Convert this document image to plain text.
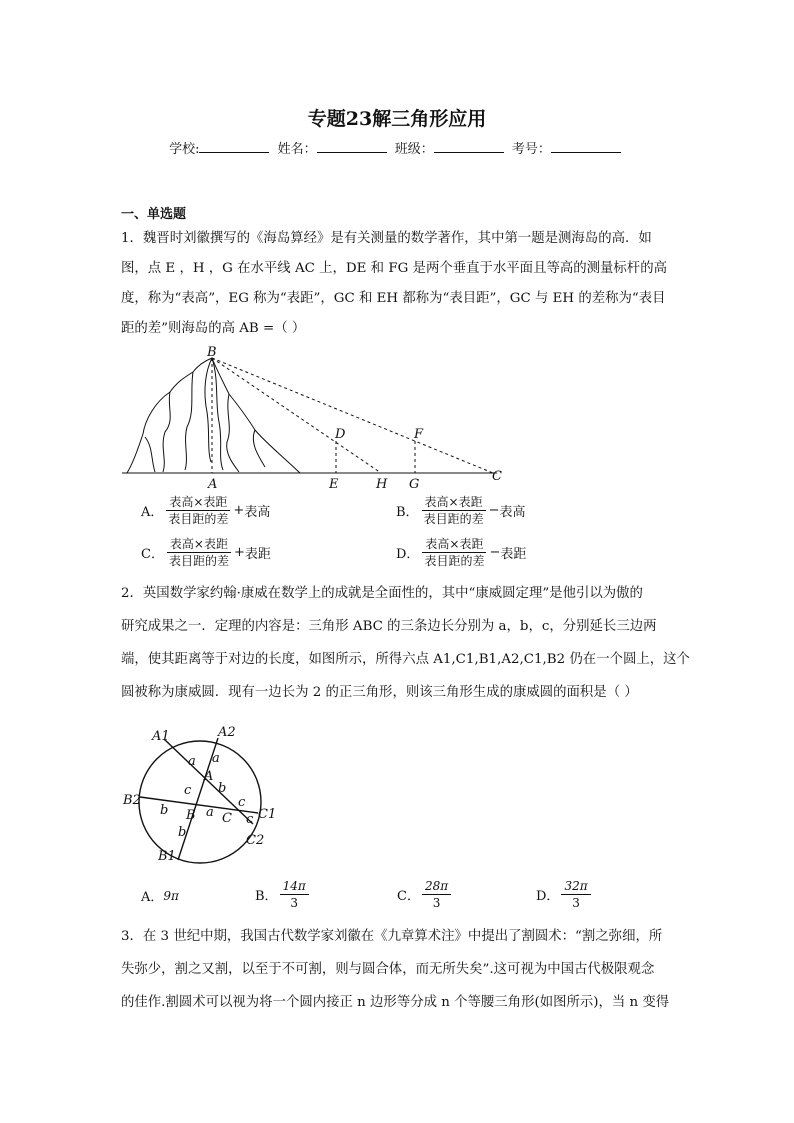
专题23解三角形应用
学校:	姓名：	班级：	考号：
一、单选题
1．魏晋时刘徽撰写的《海岛算经》是有关测量的数学著作，其中第一题是测海岛的高．如
图，点 E ，H ，G 在水平线 AC 上，DE 和 FG 是两个垂直于水平面且等高的测量标杆的高
度，称为“表高”，EG 称为“表距”，GC 和 EH 都称为“表目距”，GC 与 EH 的差称为“表目
距的差”则海岛的高 AB =（ ）
B
D	F
A	E	H G
C
A． $\frac{\text{表高×表距}}{\text{表目距的差}}$ + 表高	B． $\frac{\text{表高×表距}}{\text{表目距的差}}$ − 表高
C． $\frac{\text{表高×表距}}{\text{表目距的差}}$ + 表距	D． $\frac{\text{表高×表距}}{\text{表目距的差}}$ − 表距
2．英国数学家约翰·康威在数学上的成就是全面性的，其中“康威圆定理”是他引以为傲的
研究成果之一．定理的内容是：三角形 ABC 的三条边长分别为 a，b，c，分别延长三边两
端，使其距离等于对边的长度，如图所示，所得六点 A1,C1,B1,A2,C1,B2 仍在一个圆上，这个
圆被称为康威圆．现有一边长为 2 的正三角形，则该三角形生成的康威圆的面积是（ ）
A1	A2
B2
C1
C2
B1
A
B C
a a
b
c
b	a
b
c
c
A． 9π	B． $\frac{14\pi}{3}$	C． $\frac{28\pi}{3}$	D． $\frac{32\pi}{3}$
3．在 3 世纪中期，我国古代数学家刘徽在《九章算术注》中提出了割圆术：“割之弥细，所
失弥少，割之又割，以至于不可割，则与圆合体，而无所失矣”.这可视为中国古代极限观念
的佳作.割圆术可以视为将一个圆内接正 n 边形等分成 n 个等腰三角形(如图所示)，当 n 变得
